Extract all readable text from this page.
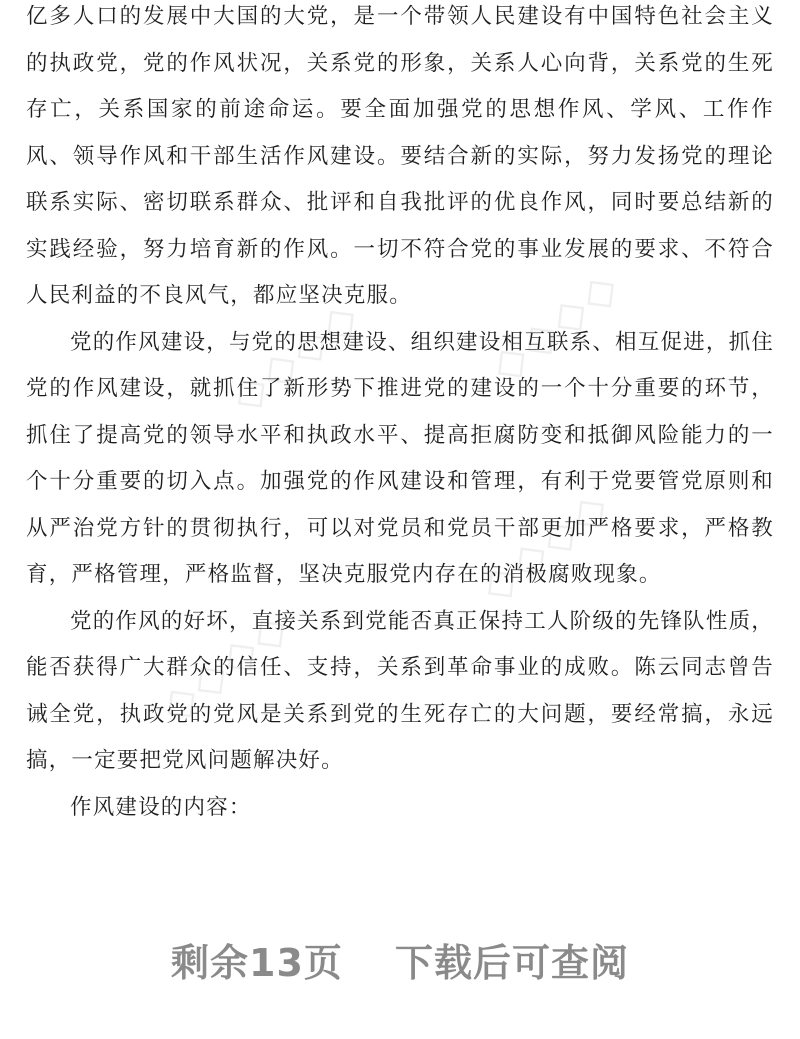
◇◇◇◇ ◇◇◇◇
◇◇◇◇
◇◇◇◇

亿多人口的发展中大国的大党，是一个带领人民建设有中国特色社会主义的执政党，党的作风状况，关系党的形象，关系人心向背，关系党的生死存亡，关系国家的前途命运。要全面加强党的思想作风、学风、工作作风、领导作风和干部生活作风建设。要结合新的实际，努力发扬党的理论联系实际、密切联系群众、批评和自我批评的优良作风，同时要总结新的实践经验，努力培育新的作风。一切不符合党的事业发展的要求、不符合人民利益的不良风气，都应坚决克服。

党的作风建设，与党的思想建设、组织建设相互联系、相互促进，抓住党的作风建设，就抓住了新形势下推进党的建设的一个十分重要的环节，抓住了提高党的领导水平和执政水平、提高拒腐防变和抵御风险能力的一个十分重要的切入点。加强党的作风建设和管理，有利于党要管党原则和从严治党方针的贯彻执行，可以对党员和党员干部更加严格要求，严格教育，严格管理，严格监督，坚决克服党内存在的消极腐败现象。

党的作风的好坏，直接关系到党能否真正保持工人阶级的先锋队性质，能否获得广大群众的信任、支持，关系到革命事业的成败。陈云同志曾告诫全党，执政党的党风是关系到党的生死存亡的大问题，要经常搞，永远搞，一定要把党风问题解决好。

作风建设的内容：

剩余13页 下载后可查阅
